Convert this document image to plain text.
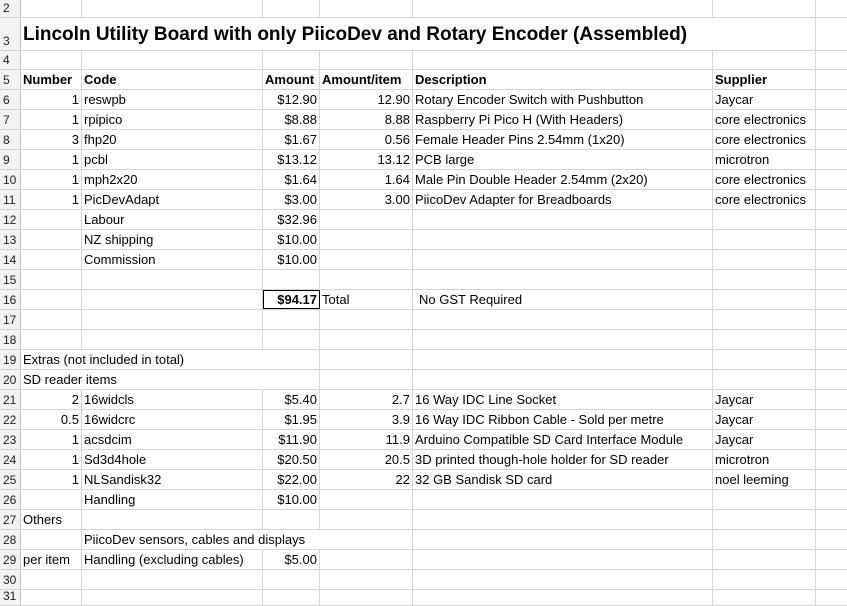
2
3 Lincoln Utility Board with only PiicoDev and Rotary Encoder (Assembled)
4
5	Number Code	Amount Amount/item	Description	Supplier
6	1 reswpb	$12.90	12.90 Rotary Encoder Switch with Pushbutton	Jaycar
7	1 rpipico	$8.88	8.88 Raspberry Pi Pico H (With Headers)	core electronics
8	3 fhp20	$1.67	0.56 Female Header Pins 2.54mm (1x20)	core electronics
9	1 pcbl	$13.12	13.12 PCB large	microtron
10	1 mph2x20	$1.64	1.64 Male Pin Double Header 2.54mm (2x20)	core electronics
11	1 PicDevAdapt	$3.00	3.00 PiicoDev Adapter for Breadboards	core electronics
12	Labour	$32.96
13	NZ shipping	$10.00
14	Commission	$10.00
15
16	$94.17 Total	No GST Required
17
18
19 Extras (not included in total)
20 SD reader items
21	2 16widcls	$5.40	2.7 16 Way IDC Line Socket	Jaycar
22	0.5 16widcrc	$1.95	3.9 16 Way IDC Ribbon Cable - Sold per metre	Jaycar
23	1 acsdcim	$11.90	11.9 Arduino Compatible SD Card Interface Module	Jaycar
24	1 Sd3d4hole	$20.50	20.5 3D printed though-hole holder for SD reader	microtron
25	1 NLSandisk32	$22.00	22 32 GB Sandisk SD card	noel leeming
26	Handling	$10.00
27 Others
28	PiicoDev sensors, cables and displays
29 per item	Handling (excluding cables)	$5.00
30
31
